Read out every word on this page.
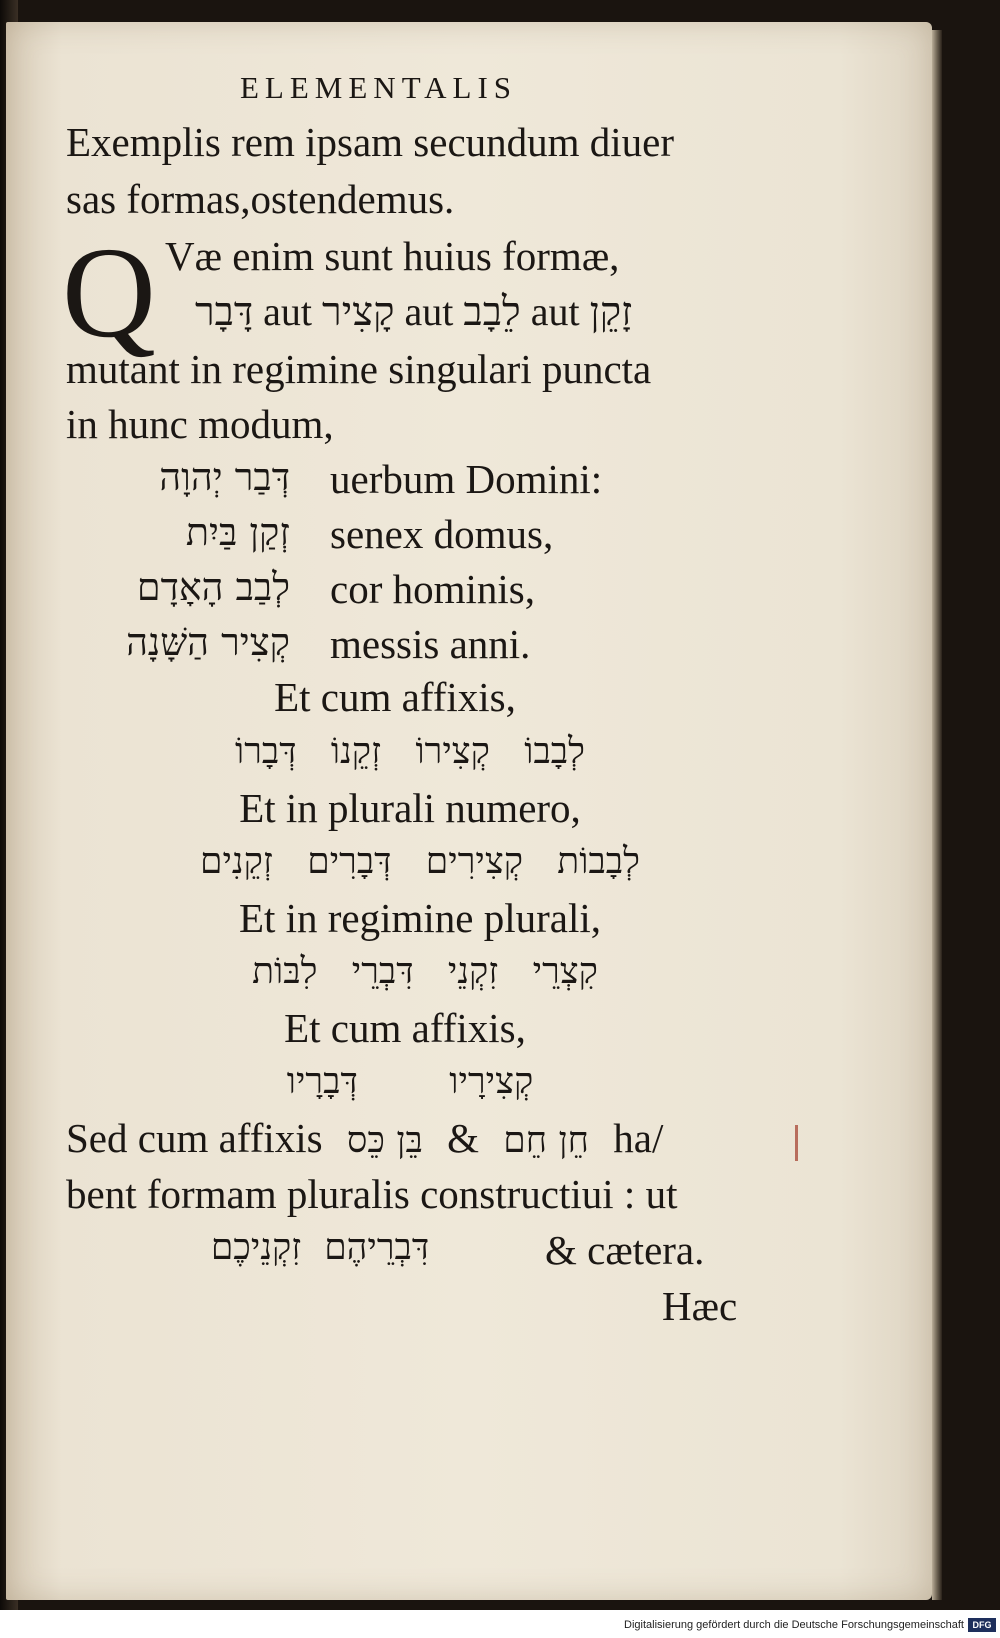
ELEMENTALIS
Exemplis rem ipsam secundum diuer
sas formas,ostendemus.
Q Væ enim sunt huius formæ,
דָּבָר aut קָצִיר aut לֵבָב aut זָקֵן
mutant in regimine singulari puncta
in hunc modum,
דְּבַר יְהוָה uerbum Domini:
זְקַן בַּיִת senex domus,
לְבַב הָאָדָם cor hominis,
קְצִיר הַשָּׁנָה messis anni.
Et cum affixis,
לְבָבוֹ   קְצִירוֹ   זְקֵנוֹ   דְּבָרוֹ
Et in plurali numero,
לְבָבוֹת   קְצִירִים   דְּבָרִים   זְקֵנִים
Et in regimine plurali,
קִצְרֵי   זִקְנֵי   דִּבְרֵי   לִבּוֹת
Et cum affixis,
קְצִירָיו        דְּבָרָיו
Sed cum affixis	חֵן חֵם & בֵּן כֵּס	ha/
bent formam pluralis constructiui : ut
דִּבְרֵיהֶם  זִקְנֵיכֶם	& cætera.
Hæc
Digitalisierung gefördert durch die Deutsche Forschungsgemeinschaft DFG
